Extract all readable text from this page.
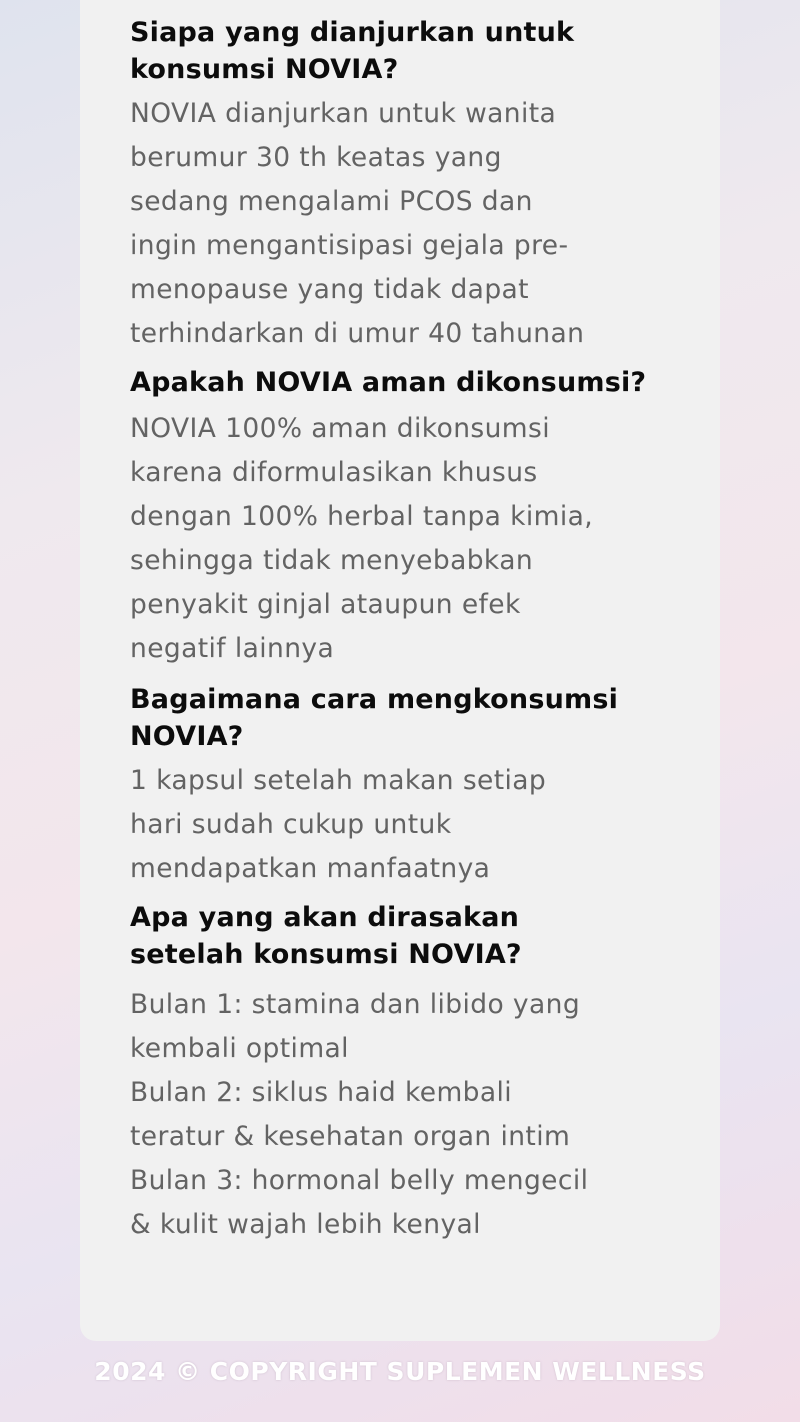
Siapa yang dianjurkan untuk
konsumsi NOVIA?

NOVIA dianjurkan untuk wanita
berumur 30 th keatas yang
sedang mengalami PCOS dan
ingin mengantisipasi gejala pre-
menopause yang tidak dapat
terhindarkan di umur 40 tahunan

Apakah NOVIA aman dikonsumsi?

NOVIA 100% aman dikonsumsi
karena diformulasikan khusus
dengan 100% herbal tanpa kimia,
sehingga tidak menyebabkan
penyakit ginjal ataupun efek
negatif lainnya

Bagaimana cara mengkonsumsi
NOVIA?

1 kapsul setelah makan setiap
hari sudah cukup untuk
mendapatkan manfaatnya

Apa yang akan dirasakan
setelah konsumsi NOVIA?

Bulan 1: stamina dan libido yang
kembali optimal
Bulan 2: siklus haid kembali
teratur & kesehatan organ intim
Bulan 3: hormonal belly mengecil
& kulit wajah lebih kenyal

2024 © COPYRIGHT SUPLEMEN WELLNESS
